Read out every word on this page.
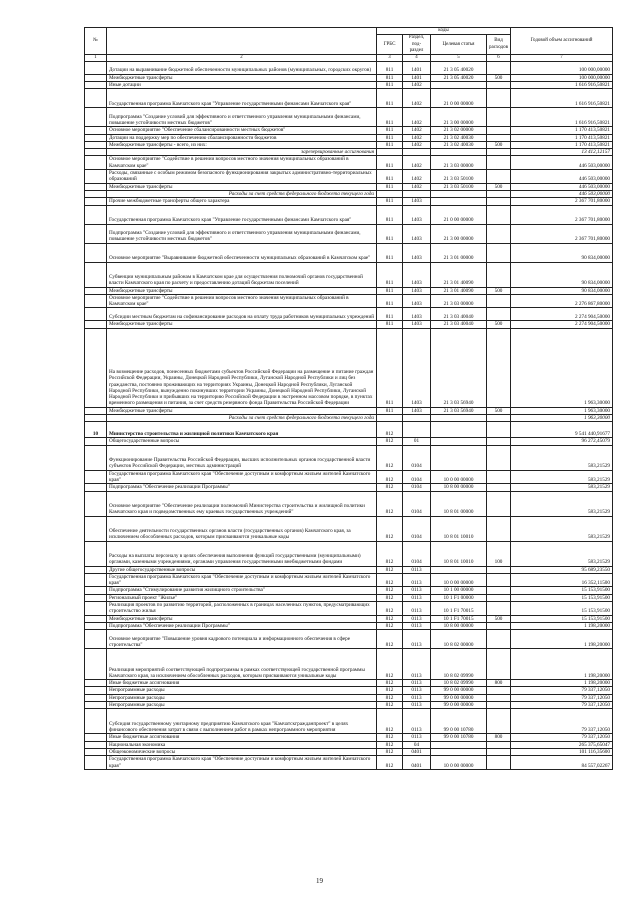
№		коды				Годовой объем ассигнований
		ГРБС	Раздел, под-раздел	Целевая статья	Вид расходов	
1	2	3	4	5	6	7
	Дотации на выравнивание бюджетной обеспеченности муниципальных районов (муниципальных, городских округов)	811	1401	21 3 05 40020		100 000,00000
	Межбюджетные трансферты	811	1401	21 3 05 40020	500	100 000,00000
	Иные дотации	811	1402			1 616 916,50821
	Государственная программа Камчатского края "Управление государственными финансами Камчатского края"	811	1402	21 0 00 00000		1 616 916,50821
	Подпрограмма "Создание условий для эффективного и ответственного управления муниципальными финансами, повышение устойчивости местных бюджетов"	811	1402	21 3 00 00000		1 616 916,50821
	Основное мероприятие "Обеспечение сбалансированности местных бюджетов"	811	1402	21 3 02 00000		1 170 413,50821
	Дотации на поддержку мер по обеспечению сбалансированности бюджетов	811	1402	21 3 02 40030		1 170 413,50821
	Межбюджетные трансферты - всего, из них:	811	1402	21 3 02 40030	500	1 170 413,50821
	зарезервированные ассигнования					13 412,12157
	Основное мероприятие "Содействие в решении вопросов местного значения муниципальных образований в Камчатском крае"	811	1402	21 3 03 00000		446 503,00000
	Расходы, связанные с особым режимом безопасного функционирования закрытых административно-территориальных образований	811	1402	21 3 03 50100		446 503,00000
	Межбюджетные трансферты	811	1402	21 3 03 50100	500	446 503,00000
	Расходы за счет средств федерального бюджета текущего года					446 503,00000
	Прочие межбюджетные трансферты общего характера	811	1403			2 367 701,80000
	Государственная программа Камчатского края "Управление государственными финансами Камчатского края"	811	1403	21 0 00 00000		2 367 701,80000
	Подпрограмма "Создание условий для эффективного и ответственного управления муниципальными финансами, повышение устойчивости местных бюджетов"	811	1403	21 3 00 00000		2 367 701,80000
	Основное мероприятие "Выравнивание бюджетной обеспеченности муниципальных образований в Камчатском крае"	811	1403	21 3 01 00000		90 834,00000
	Субвенции муниципальным районам в Камчатском крае для осуществления полномочий органов государственной власти Камчатского края по расчету и предоставлению дотаций бюджетам поселений	811	1403	21 3 01 40090		90 834,00000
	Межбюджетные трансферты	811	1403	21 3 01 40090	500	90 834,00000
	Основное мероприятие "Содействие в решении вопросов местного значения муниципальных образований в Камчатском крае"	811	1403	21 3 03 00000		2 276 867,80000
	Субсидии местным бюджетам на софинансирование расходов на оплату труда работников муниципальных учреждений	811	1403	21 3 03 40040		2 274 904,50000
	Межбюджетные трансферты	811	1403	21 3 03 40040	500	2 274 904,50000
	На возмещение расходов, понесенных бюджетами субъектов Российской Федерации на размещение и питание граждан Российской Федерации, Украины, Донецкой Народной Республики, Луганской Народной Республики и лиц без гражданства, постоянно проживающих на территориях Украины, Донецкой Народной Республики, Луганской Народной Республики, вынужденно покинувших территории Украины, Донецкой Народной Республики, Луганской Народной Республики и прибывших на территорию Российской Федерации в экстренном массовом порядке, в пунктах временного размещения и питания, за счет средств резервного фонда Правительства Российской Федерации	811	1403	21 3 03 56940		1 963,30000
	Межбюджетные трансферты	811	1403	21 3 03 56940	500	1 963,30000
	Расходы за счет средств федерального бюджета текущего года					1 963,30000
10	Министерство строительства и жилищной политики Камчатского края	812				9 541 440,91677
	Общегосударственные вопросы	812	01			96 272,45079
	Функционирование Правительства Российской Федерации, высших исполнительных органов государственной власти субъектов Российской Федерации, местных администраций	812	0104			583,21529
	Государственная программа Камчатского края "Обеспечение доступным и комфортным жильем жителей Камчатского края"	812	0104	10 0 00 00000		583,21529
	Подпрограмма "Обеспечение реализации Программы"	812	0104	10 8 00 00000		583,21529
	Основное мероприятие "Обеспечение реализации полномочий Министерства строительства и жилищной политики Камчатского края и подведомственных ему краевых государственных учреждений"	812	0104	10 8 01 00000		583,21529
	Обеспечение деятельности государственных органов власти (государственных органов) Камчатского края, за исключением обособленных расходов, которым присваиваются уникальные коды	812	0104	10 8 01 10010		583,21529
	Расходы на выплаты персоналу в целях обеспечения выполнения функций государственными (муниципальными) органами, казенными учреждениями, органами управления государственными внебюджетными фондами	812	0104	10 8 01 10010	100	583,21529
	Другие общегосударственные вопросы	812	0113			95 689,23550
	Государственная программа Камчатского края "Обеспечение доступным и комфортным жильем жителей Камчатского края"	812	0113	10 0 00 00000		16 352,11500
	Подпрограмма "Стимулирование развития жилищного строительства"	812	0113	10 1 00 00000		15 153,91500
	Региональный проект "Жилье"	812	0113	10 1 F1 00000		15 153,91500
	Реализация проектов по развитию территорий, расположенных в границах населенных пунктов, предусматривающих строительство жилья	812	0113	10 1 F1 70015		15 153,91500
	Межбюджетные трансферты	812	0113	10 1 F1 70015	500	15 153,91500
	Подпрограмма "Обеспечение реализации Программы"	812	0113	10 8 00 00000		1 198,20000
	Основное мероприятие "Повышение уровня кадрового потенциала и информационного обеспечения в сфере строительства"	812	0113	10 8 02 00000		1 198,20000
	Реализация мероприятий соответствующей подпрограммы в рамках соответствующей государственной программы Камчатского края, за исключением обособленных расходов, которым присваиваются уникальные коды	812	0113	10 8 02 09990		1 198,20000
	Иные бюджетные ассигнования	812	0113	10 8 02 09990	800	1 198,20000
	Непрограммные расходы	812	0113	99 0 00 00000		79 337,12050
	Непрограммные расходы	812	0113	99 0 00 00000		79 337,12050
	Непрограммные расходы	812	0113	99 0 00 00000		79 337,12050
	Субсидия государственному унитарному предприятию Камчатского края "Камчатскгражданпроект" в целях финансового обеспечения затрат в связи с выполнением работ в рамках непрограммного мероприятия	812	0113	99 0 00 10780		79 337,12050
	Иные бюджетные ассигнования	812	0113	99 0 00 10780	800	79 337,12050
	Национальная экономика	812	04			265 375,65047
	Общеэкономические вопросы	812	0401			101 116,35600
	Государственная программа Камчатского края "Обеспечение доступным и комфортным жильем жителей Камчатского края"	812	0401	10 0 00 00000		84 557,02267
19
